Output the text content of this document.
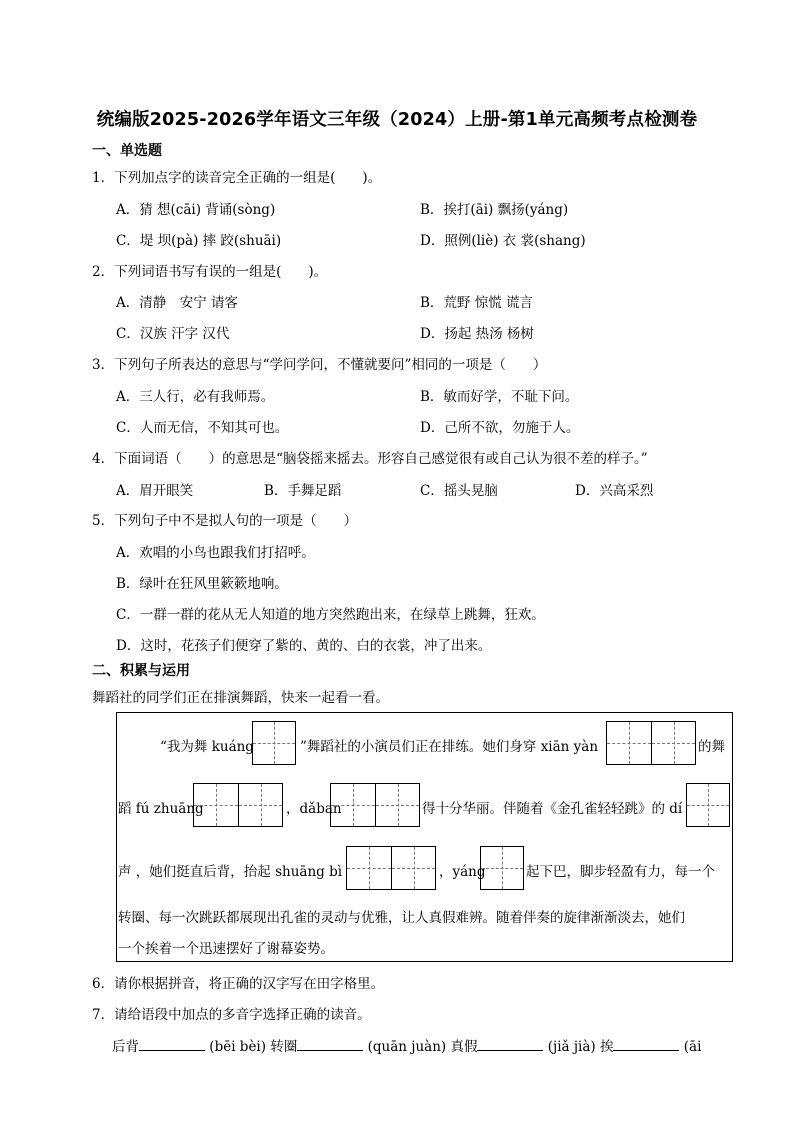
统编版2025-2026学年语文三年级（2024）上册-第1单元高频考点检测卷
一、单选题
1．下列加点字的读音完全正确的一组是(　　)。
A．猜 想(cāi) 背诵(sòng)	B．挨打(āi) 飘扬(yáng)
C．堤 坝(pà) 摔 跤(shuāi)	D．照例(liè) 衣 裳(shang)
2．下列词语书写有误的一组是(　　)。
A．清静　安宁 请客	B．荒野 惊慌 谎言
C．汉族 汗字 汉代	D．扬起 热汤 杨树
3．下列句子所表达的意思与“学问学问，不懂就要问”相同的一项是（　　）
A．三人行，必有我师焉。	B．敏而好学，不耻下问。
C．人而无信，不知其可也。	D．己所不欲，勿施于人。
4．下面词语（　　）的意思是“脑袋摇来摇去。形容自己感觉很有或自己认为很不差的样子。”
A．眉开眼笑	B．手舞足蹈	C．摇头晃脑	D．兴高采烈
5．下列句子中不是拟人句的一项是（　　）
A．欢唱的小鸟也跟我们打招呼。
B．绿叶在狂风里簌簌地响。
C．一群一群的花从无人知道的地方突然跑出来，在绿草上跳舞，狂欢。
D．这时，花孩子们便穿了紫的、黄的、白的衣裳，冲了出来。
二、积累与运用
舞蹈社的同学们正在排演舞蹈，快来一起看一看。
“我为舞 kuáng	”舞蹈社的小演员们正在排练。她们身穿 xiān yàn	的舞
蹈 fú zhuāng	，dǎban	得十分华丽。伴随着《金孔雀轻轻跳》的 dí
声 ，她们挺直后背，抬起 shuāng bì	，yáng	起下巴，脚步轻盈有力，每一个
转圈、每一次跳跃都展现出孔雀的灵动与优雅，让人真假难辨。随着伴奏的旋律渐渐淡去，她们
一个挨着一个迅速摆好了谢幕姿势。
6．请你根据拼音，将正确的汉字写在田字格里。
7．请给语段中加点的多音字选择正确的读音。
后背	(bēi bèi) 转圈	(quān juàn) 真假	(jiǎ jià) 挨	(āi
